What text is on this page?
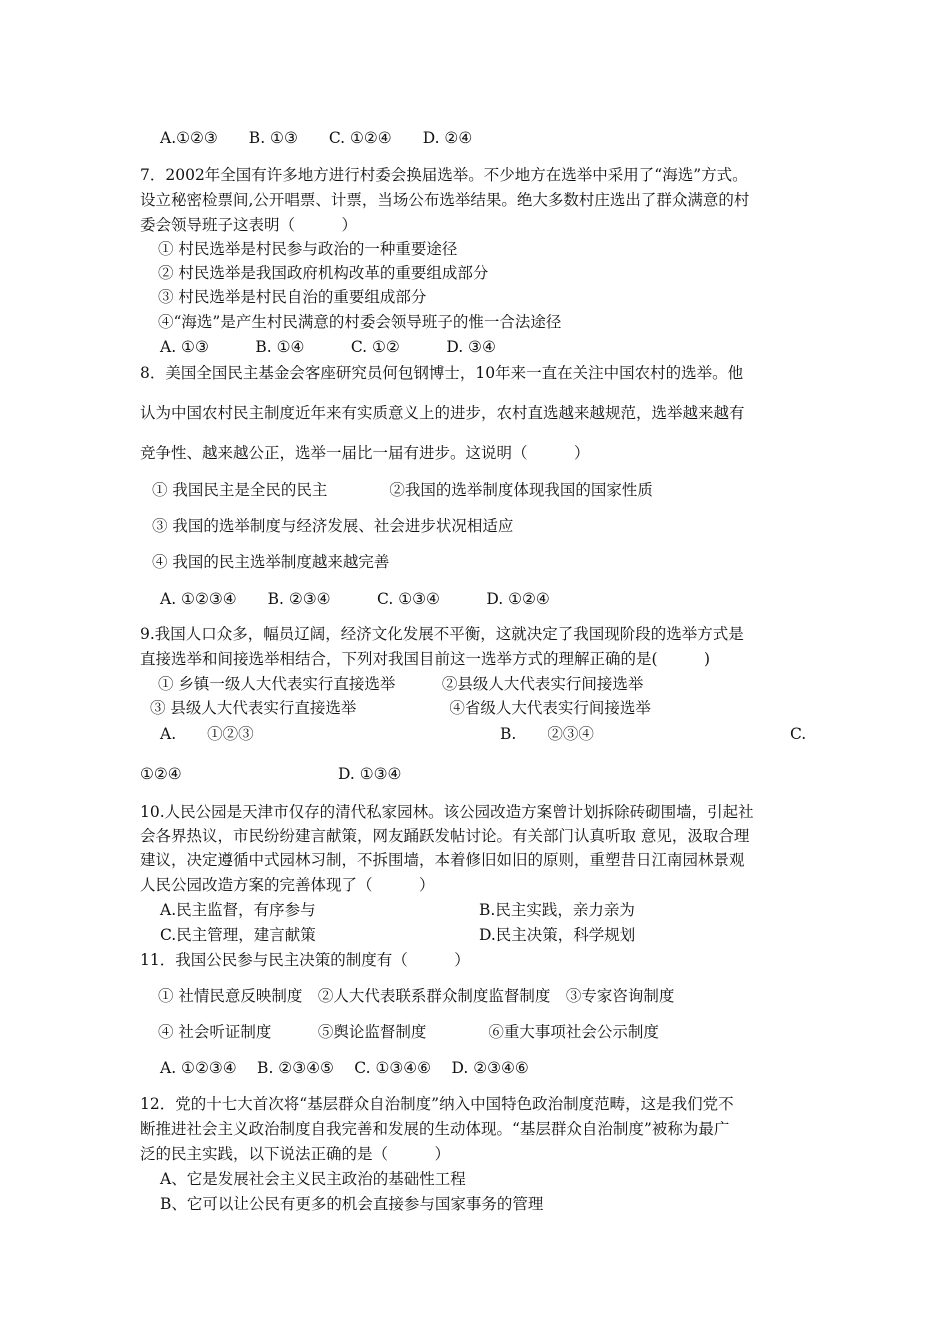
A.①②③　　B. ①③　　C. ①②④　　D. ②④
7．2002年全国有许多地方进行村委会换届选举。不少地方在选举中采用了“海选”方式。
设立秘密检票间,公开唱票、计票，当场公布选举结果。绝大多数村庄选出了群众满意的村
委会领导班子这表明（　　　）
① 村民选举是村民参与政治的一种重要途径
② 村民选举是我国政府机构改革的重要组成部分
③ 村民选举是村民自治的重要组成部分
④“海选”是产生村民满意的村委会领导班子的惟一合法途径
A. ①③　　　B. ①④　　　C. ①②　　　D. ③④
8．美国全国民主基金会客座研究员何包钢博士，10年来一直在关注中国农村的选举。他
认为中国农村民主制度近年来有实质意义上的进步，农村直选越来越规范，选举越来越有
竞争性、越来越公正，选举一届比一届有进步。这说明（　　　）
① 我国民主是全民的民主　　　　②我国的选举制度体现我国的国家性质
③ 我国的选举制度与经济发展、社会进步状况相适应
④ 我国的民主选举制度越来越完善
A. ①②③④　　B. ②③④　　　C. ①③④　　　D. ①②④
9.我国人口众多，幅员辽阔，经济文化发展不平衡，这就决定了我国现阶段的选举方式是
直接选举和间接选举相结合，下列对我国目前这一选举方式的理解正确的是(　　　)
① 乡镇一级人大代表实行直接选举　　　②县级人大代表实行间接选举
③ 县级人大代表实行直接选举　　　　　　④省级人大代表实行间接选举
A.　　①②③	B.　　②③④	C.
①②④	D. ①③④
10.人民公园是天津市仅存的清代私家园林。该公园改造方案曾计划拆除砖砌围墙，引起社
会各界热议，市民纷纷建言献策，网友踊跃发帖讨论。有关部门认真听取 意见，汲取合理
建议，决定遵循中式园林习制，不拆围墙，本着修旧如旧的原则，重塑昔日江南园林景观
人民公园改造方案的完善体现了（　　　）
A.民主监督，有序参与	B.民主实践，亲力亲为
C.民主管理，建言献策	D.民主决策，科学规划
11．我国公民参与民主决策的制度有（　　　）
① 社情民意反映制度　②人大代表联系群众制度监督制度　③专家咨询制度
④ 社会听证制度　　　⑤舆论监督制度　　　　⑥重大事项社会公示制度
A. ①②③④　 B. ②③④⑤　 C. ①③④⑥　 D. ②③④⑥
12．党的十七大首次将“基层群众自治制度”纳入中国特色政治制度范畴，这是我们党不
断推进社会主义政治制度自我完善和发展的生动体现。“基层群众自治制度”被称为最广
泛的民主实践，以下说法正确的是（　　　）
A、它是发展社会主义民主政治的基础性工程
B、它可以让公民有更多的机会直接参与国家事务的管理
